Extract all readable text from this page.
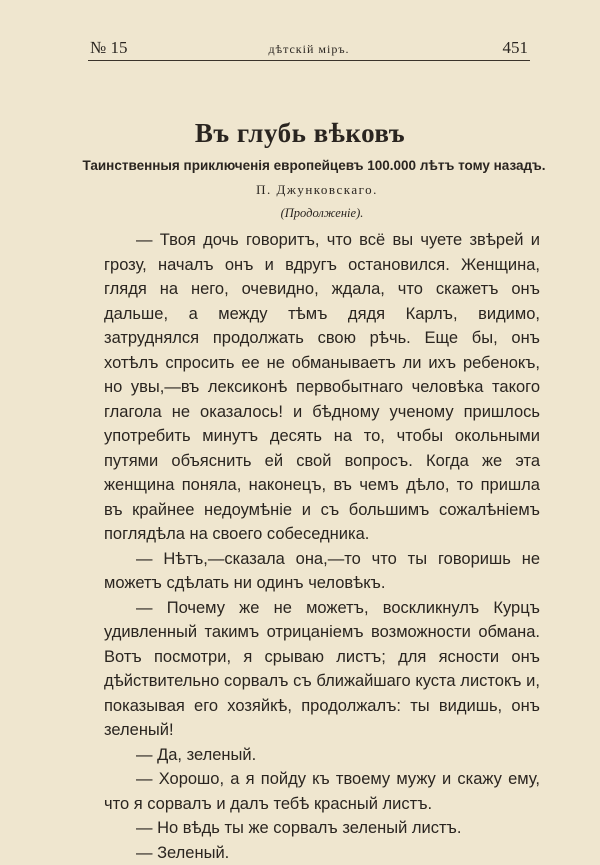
№ 15	дѣтскій міръ.	451
Въ глубь вѣковъ
Таинственныя приключенія европейцевъ 100.000 лѣтъ тому назадъ.
П. Джунковскаго.
(Продолженіе).

— Твоя дочь говоритъ, что всё вы чуете звѣрей и грозу, началъ онъ и вдругъ остановился. Женщина, глядя на него, очевидно, ждала, что скажетъ онъ дальше, а между тѣмъ дядя Карлъ, видимо, затруднялся продолжать свою рѣчь. Еще бы, онъ хотѣлъ спросить ее не обманываетъ ли ихъ ребенокъ, но увы,—въ лексиконѣ первобытнаго человѣка такого глагола не оказалось! и бѣдному ученому пришлось употребить минутъ десять на то, чтобы окольными путями объяснить ей свой вопросъ. Когда же эта женщина поняла, наконецъ, въ чемъ дѣло, то пришла въ крайнее недоумѣніе и съ большимъ сожалѣніемъ поглядѣла на своего собеседника.

— Нѣтъ,—сказала она,—то что ты говоришь не можетъ сдѣлать ни одинъ человѣкъ.

— Почему же не можетъ, воскликнулъ Курцъ удивленный такимъ отрицаніемъ возможности обмана. Вотъ посмотри, я срываю листъ; для ясности онъ дѣйствительно сорвалъ съ ближайшаго куста листокъ и, показывая его хозяйкѣ, продолжалъ: ты видишь, онъ зеленый!

— Да, зеленый.

— Хорошо, а я пойду къ твоему мужу и скажу ему, что я сорвалъ и далъ тебѣ красный листъ.

— Но вѣдь ты же сорвалъ зеленый листъ.

— Зеленый.
